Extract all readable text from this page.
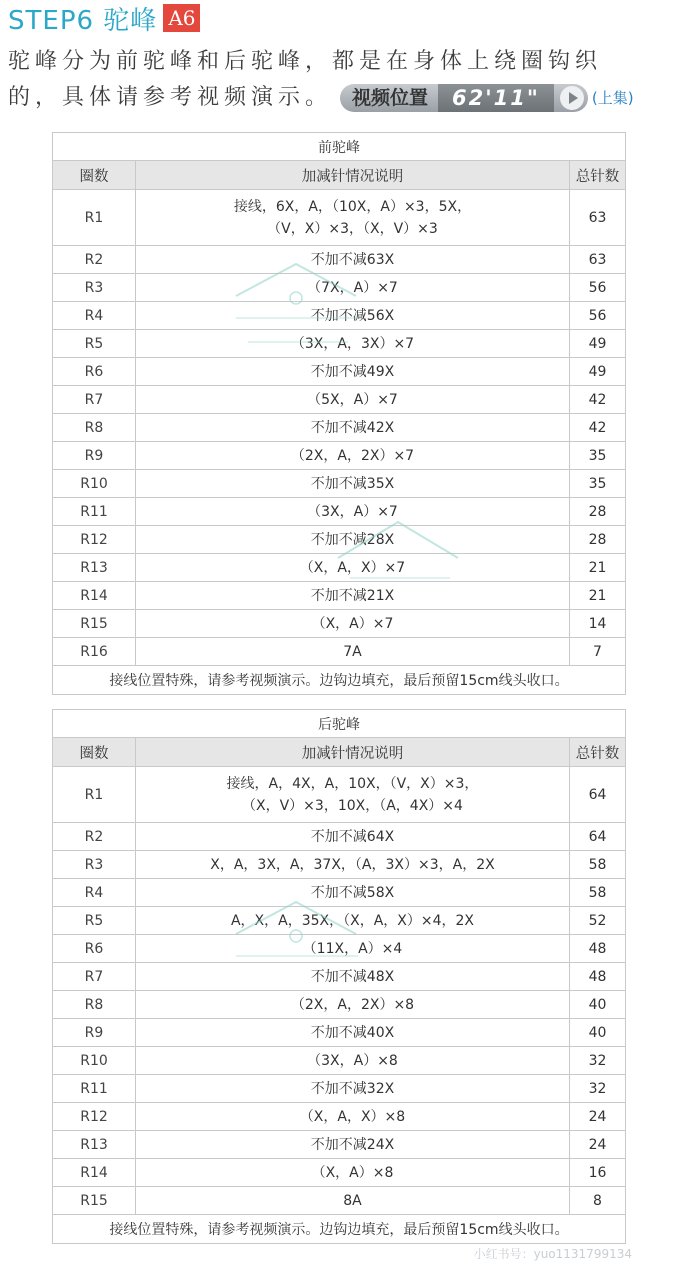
STEP6 驼峰 A6
驼峰分为前驼峰和后驼峰，都是在身体上绕圈钩织
的，具体请参考视频演示。	视频位置	62'11"	(上集)
前驼峰		
圈数	加减针情况说明	总针数
R1	接线，6X，A，（10X，A）×3，5X，
（V，X）×3，（X，V）×3	63
R2	不加不减63X	63
R3	（7X，A）×7	56
R4	不加不减56X	56
R5	（3X，A，3X）×7	49
R6	不加不减49X	49
R7	（5X，A）×7	42
R8	不加不减42X	42
R9	（2X，A，2X）×7	35
R10	不加不减35X	35
R11	（3X，A）×7	28
R12	不加不减28X	28
R13	（X，A，X）×7	21
R14	不加不减21X	21
R15	（X，A）×7	14
R16	7A	7
接线位置特殊，请参考视频演示。边钩边填充，最后预留15cm线头收口。		
后驼峰		
圈数	加减针情况说明	总针数
R1	接线，A，4X，A，10X，（V，X）×3，
（X，V）×3，10X，（A，4X）×4	64
R2	不加不减64X	64
R3	X，A，3X，A，37X，（A，3X）×3，A，2X	58
R4	不加不减58X	58
R5	A，X，A，35X，（X，A，X）×4，2X	52
R6	（11X，A）×4	48
R7	不加不减48X	48
R8	（2X，A，2X）×8	40
R9	不加不减40X	40
R10	（3X，A）×8	32
R11	不加不减32X	32
R12	（X，A，X）×8	24
R13	不加不减24X	24
R14	（X，A）×8	16
R15	8A	8
接线位置特殊，请参考视频演示。边钩边填充，最后预留15cm线头收口。		
小红书号：yuo1131799134
